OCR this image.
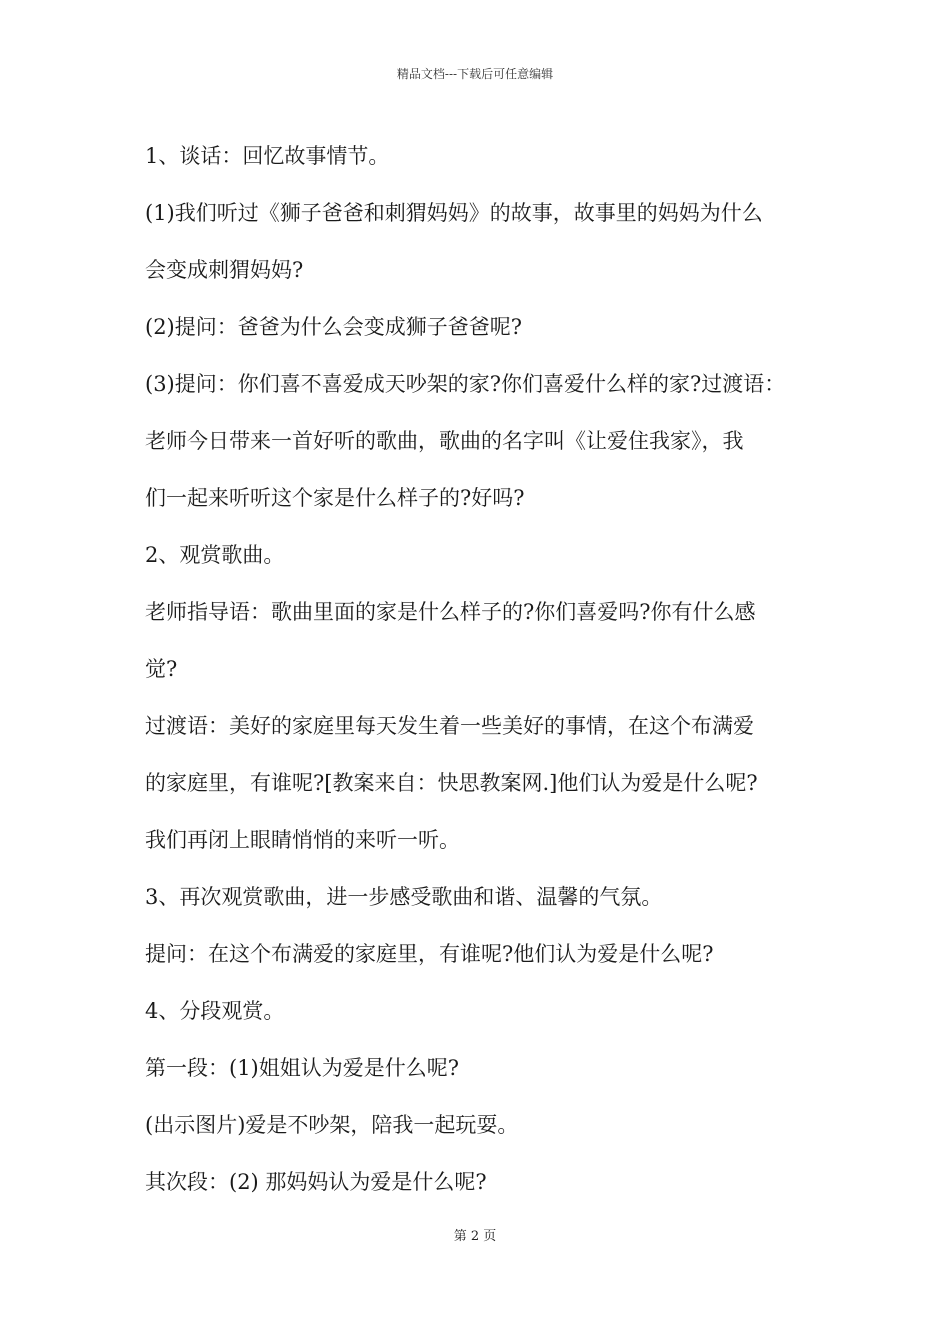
精品文档---下载后可任意编辑

1、谈话：回忆故事情节。

(1)我们听过《狮子爸爸和刺猬妈妈》的故事，故事里的妈妈为什么

会变成刺猬妈妈?

(2)提问：爸爸为什么会变成狮子爸爸呢?

(3)提问：你们喜不喜爱成天吵架的家?你们喜爱什么样的家?过渡语：

老师今日带来一首好听的歌曲，歌曲的名字叫《让爱住我家》，我

们一起来听听这个家是什么样子的?好吗?

2、观赏歌曲。

老师指导语：歌曲里面的家是什么样子的?你们喜爱吗?你有什么感

觉?

过渡语：美好的家庭里每天发生着一些美好的事情，在这个布满爱

的家庭里，有谁呢?[教案来自：快思教案网.]他们认为爱是什么呢?

我们再闭上眼睛悄悄的来听一听。

3、再次观赏歌曲，进一步感受歌曲和谐、温馨的气氛。

提问：在这个布满爱的家庭里，有谁呢?他们认为爱是什么呢?

4、分段观赏。

第一段：(1)姐姐认为爱是什么呢?

(出示图片)爱是不吵架，陪我一起玩耍。

其次段：(2) 那妈妈认为爱是什么呢?

第 2 页
